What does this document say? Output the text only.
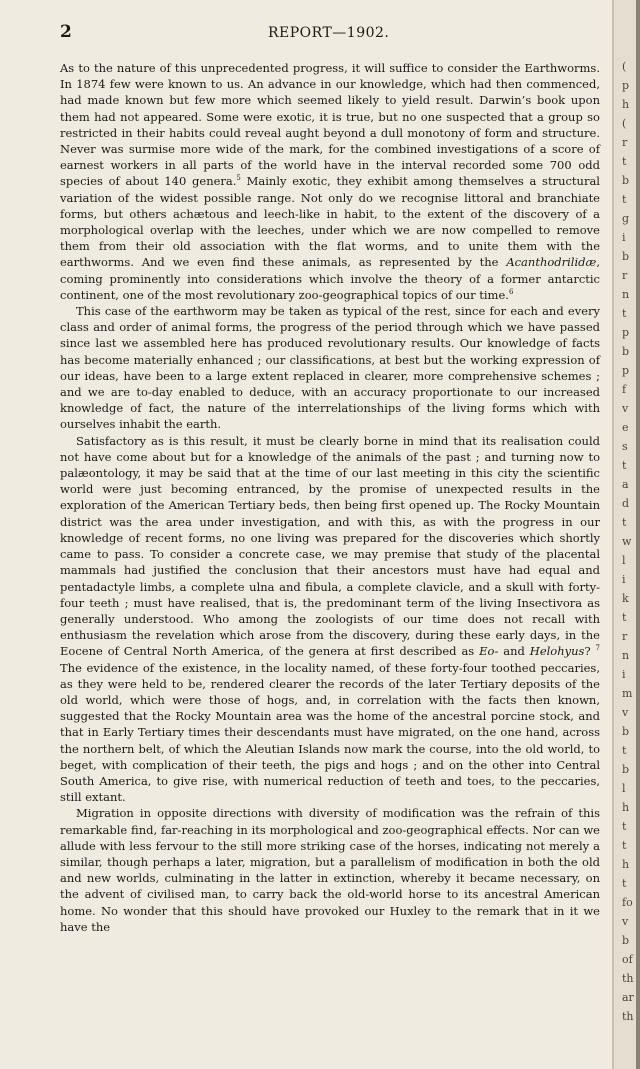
2	REPORT—1902.

As to the nature of this unprecedented progress, it will suffice to consider the Earthworms. In 1874 few were known to us. An advance in our knowledge, which had then commenced, had made known but few more which seemed likely to yield result. Darwin’s book upon them had not appeared. Some were exotic, it is true, but no one suspected that a group so restricted in their habits could reveal aught beyond a dull monotony of form and structure. Never was surmise more wide of the mark, for the combined investigations of a score of earnest workers in all parts of the world have in the interval recorded some 700 odd species of about 140 genera.$^5$ Mainly exotic, they exhibit among themselves a structural variation of the widest possible range. Not only do we recognise littoral and branchiate forms, but others achætous and leech-like in habit, to the extent of the discovery of a morphological overlap with the leeches, under which we are now compelled to remove them from their old association with the flat worms, and to unite them with the earthworms. And we even find these animals, as represented by the Acanthodrilidæ, coming prominently into considerations which involve the theory of a former antarctic continent, one of the most revolutionary zoo-geographical topics of our time.$^6$

This case of the earthworm may be taken as typical of the rest, since for each and every class and order of animal forms, the progress of the period through which we have passed since last we assembled here has produced revolutionary results. Our knowledge of facts has become materially enhanced ; our classifications, at best but the working expression of our ideas, have been to a large extent replaced in clearer, more comprehensive schemes ; and we are to-day enabled to deduce, with an accuracy proportionate to our increased knowledge of fact, the nature of the interrelationships of the living forms which with ourselves inhabit the earth.

Satisfactory as is this result, it must be clearly borne in mind that its realisation could not have come about but for a knowledge of the animals of the past ; and turning now to palæontology, it may be said that at the time of our last meeting in this city the scientific world were just becoming entranced, by the promise of unexpected results in the exploration of the American Tertiary beds, then being first opened up. The Rocky Mountain district was the area under investigation, and with this, as with the progress in our knowledge of recent forms, no one living was prepared for the discoveries which shortly came to pass. To consider a concrete case, we may premise that study of the placental mammals had justified the conclusion that their ancestors must have had equal and pentadactyle limbs, a complete ulna and fibula, a complete clavicle, and a skull with forty-four teeth ; must have realised, that is, the predominant term of the living Insectivora as generally understood. Who among the zoologists of our time does not recall with enthusiasm the revelation which arose from the discovery, during these early days, in the Eocene of Central North America, of the genera at first described as Eo- and Helohyus? $^7$ The evidence of the existence, in the locality named, of these forty-four toothed peccaries, as they were held to be, rendered clearer the records of the later Tertiary deposits of the old world, which were those of hogs, and, in correlation with the facts then known, suggested that the Rocky Mountain area was the home of the ancestral porcine stock, and that in Early Tertiary times their descendants must have migrated, on the one hand, across the northern belt, of which the Aleutian Islands now mark the course, into the old world, to beget, with complication of their teeth, the pigs and hogs ; and on the other into Central South America, to give rise, with numerical reduction of teeth and toes, to the peccaries, still extant.

Migration in opposite directions with diversity of modification was the refrain of this remarkable find, far-reaching in its morphological and zoo-geographical effects. Nor can we allude with less fervour to the still more striking case of the horses, indicating not merely a similar, though perhaps a later, migration, but a parallelism of modification in both the old and new worlds, culminating in the latter in extinction, whereby it became necessary, on the advent of civilised man, to carry back the old-world horse to its ancestral American home. No wonder that this should have provoked our Huxley to the remark that in it we have the

(
p
h
(
r
t
b
t
g
i
b
r
n
t
p
b
p
f
v
e
s
t
a
d
t
w
l
i
k
t
r
n
i
m
v
b
t
b
l
h
t
t
h
t
fo
v
b
of
th
ar
th
